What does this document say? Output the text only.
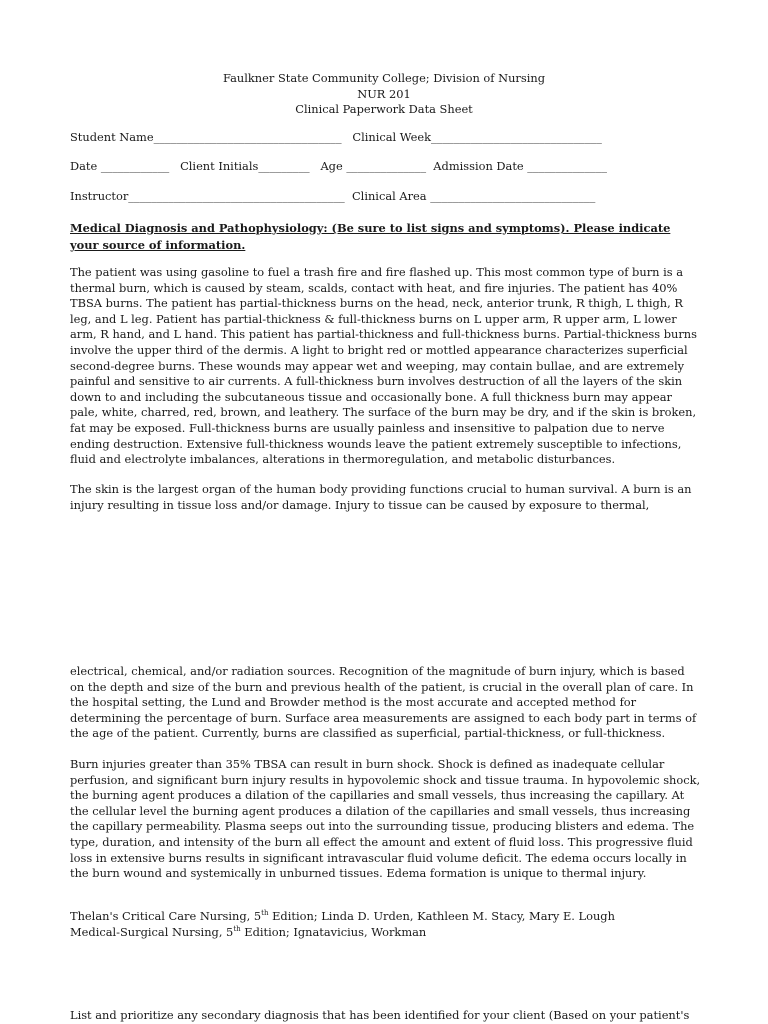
Faulkner State Community College; Division of Nursing
NUR 201
Clinical Paperwork Data Sheet
Student Name_________________________________   Clinical Week______________________________
Date ____________   Client Initials_________   Age ______________  Admission Date ______________
Instructor______________________________________  Clinical Area _____________________________
Medical Diagnosis and Pathophysiology: (Be sure to list signs and symptoms). Please indicate your source of information.

The patient was using gasoline to fuel a trash fire and fire flashed up. This most common type of burn is a thermal burn, which is caused by steam, scalds, contact with heat, and fire injuries. The patient has 40% TBSA burns. The patient has partial-thickness burns on the head, neck, anterior trunk, R thigh, L thigh, R leg, and L leg. Patient has partial-thickness & full-thickness burns on L upper arm, R upper arm, L lower arm, R hand, and L hand. This patient has partial-thickness and full-thickness burns. Partial-thickness burns involve the upper third of the dermis. A light to bright red or mottled appearance characterizes superficial second-degree burns. These wounds may appear wet and weeping, may contain bullae, and are extremely painful and sensitive to air currents. A full-thickness burn involves destruction of all the layers of the skin down to and including the subcutaneous tissue and occasionally bone. A full thickness burn may appear pale, white, charred, red, brown, and leathery. The surface of the burn may be dry, and if the skin is broken, fat may be exposed. Full-thickness burns are usually painless and insensitive to palpation due to nerve ending destruction. Extensive full-thickness wounds leave the patient extremely susceptible to infections, fluid and electrolyte imbalances, alterations in thermoregulation, and metabolic disturbances.

The skin is the largest organ of the human body providing functions crucial to human survival. A burn is an injury resulting in tissue loss and/or damage. Injury to tissue can be caused by exposure to thermal,

electrical, chemical, and/or radiation sources. Recognition of the magnitude of burn injury, which is based on the depth and size of the burn and previous health of the patient, is crucial in the overall plan of care. In the hospital setting, the Lund and Browder method is the most accurate and accepted method for determining the percentage of burn. Surface area measurements are assigned to each body part in terms of the age of the patient. Currently, burns are classified as superficial, partial-thickness, or full-thickness.

Burn injuries greater than 35% TBSA can result in burn shock. Shock is defined as inadequate cellular perfusion, and significant burn injury results in hypovolemic shock and tissue trauma. In hypovolemic shock, the burning agent produces a dilation of the capillaries and small vessels, thus increasing the capillary. At the cellular level the burning agent produces a dilation of the capillaries and small vessels, thus increasing the capillary permeability. Plasma seeps out into the surrounding tissue, producing blisters and edema. The type, duration, and intensity of the burn all effect the amount and extent of fluid loss. This progressive fluid loss in extensive burns results in significant intravascular fluid volume deficit. The edema occurs locally in the burn wound and systemically in unburned tissues. Edema formation is unique to thermal injury.

Thelan's Critical Care Nursing, 5th Edition; Linda D. Urden, Kathleen M. Stacy, Mary E. Lough
Medical-Surgical Nursing, 5th Edition; Ignatavicius, Workman
List and prioritize any secondary diagnosis that has been identified for your client (Based on your patient's
